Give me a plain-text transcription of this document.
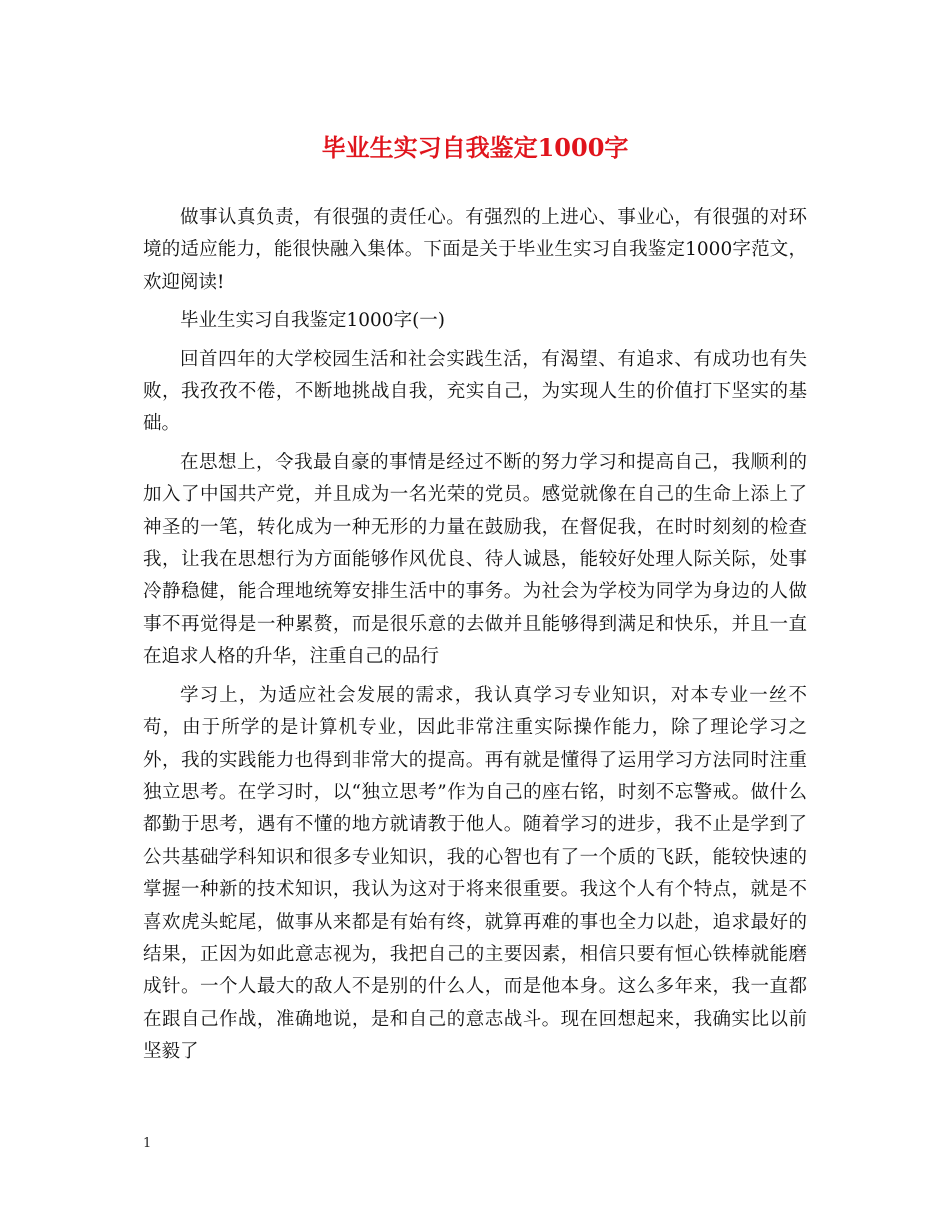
毕业生实习自我鉴定1000字

做事认真负责，有很强的责任心。有强烈的上进心、事业心，有很强的对环境的适应能力，能很快融入集体。下面是关于毕业生实习自我鉴定1000字范文，欢迎阅读!

毕业生实习自我鉴定1000字(一)

回首四年的大学校园生活和社会实践生活，有渴望、有追求、有成功也有失败，我孜孜不倦，不断地挑战自我，充实自己，为实现人生的价值打下坚实的基础。

在思想上，令我最自豪的事情是经过不断的努力学习和提高自己，我顺利的加入了中国共产党，并且成为一名光荣的党员。感觉就像在自己的生命上添上了神圣的一笔，转化成为一种无形的力量在鼓励我，在督促我，在时时刻刻的检查我，让我在思想行为方面能够作风优良、待人诚恳，能较好处理人际关际，处事冷静稳健，能合理地统筹安排生活中的事务。为社会为学校为同学为身边的人做事不再觉得是一种累赘，而是很乐意的去做并且能够得到满足和快乐，并且一直在追求人格的升华，注重自己的品行

学习上，为适应社会发展的需求，我认真学习专业知识，对本专业一丝不苟，由于所学的是计算机专业，因此非常注重实际操作能力，除了理论学习之外，我的实践能力也得到非常大的提高。再有就是懂得了运用学习方法同时注重独立思考。在学习时，以“独立思考”作为自己的座右铭，时刻不忘警戒。做什么都勤于思考，遇有不懂的地方就请教于他人。随着学习的进步，我不止是学到了公共基础学科知识和很多专业知识，我的心智也有了一个质的飞跃，能较快速的掌握一种新的技术知识，我认为这对于将来很重要。我这个人有个特点，就是不喜欢虎头蛇尾，做事从来都是有始有终，就算再难的事也全力以赴，追求最好的结果，正因为如此意志视为，我把自己的主要因素，相信只要有恒心铁棒就能磨成针。一个人最大的敌人不是别的什么人，而是他本身。这么多年来，我一直都在跟自己作战，准确地说，是和自己的意志战斗。现在回想起来，我确实比以前坚毅了

1
